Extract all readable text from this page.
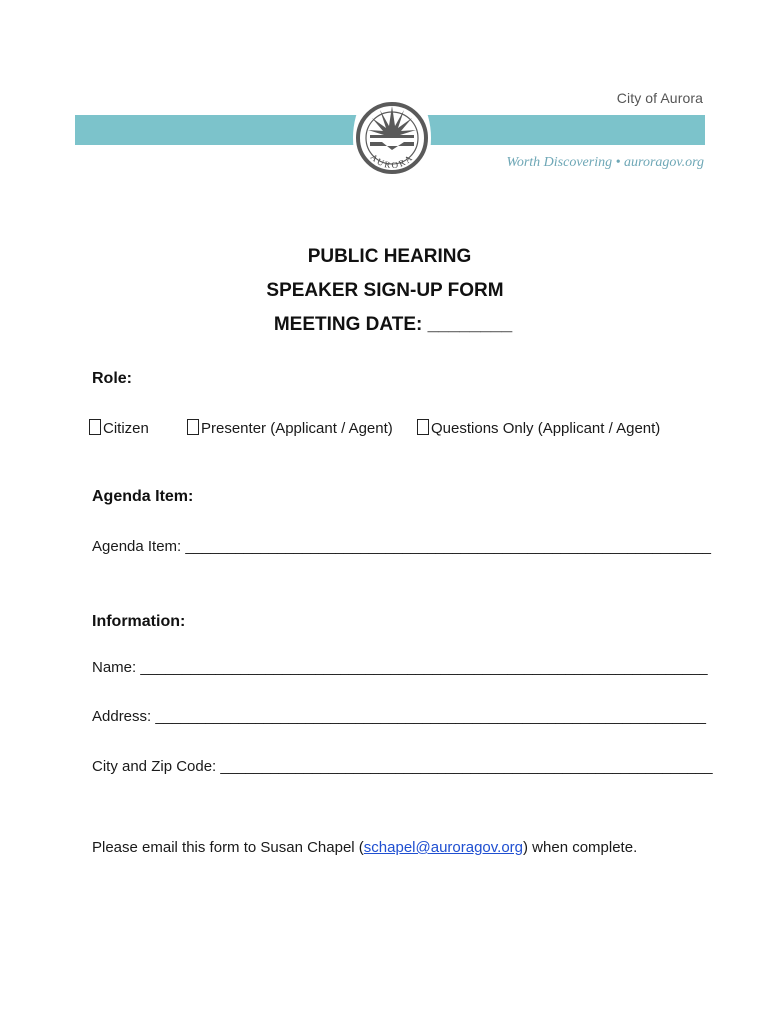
City of Aurora
Worth Discovering • auroragov.org
AURORA
PUBLIC HEARING
SPEAKER SIGN-UP FORM
MEETING DATE: ________
Role:
Citizen	Presenter (Applicant / Agent)	Questions Only (Applicant / Agent)
Agenda Item:
Agenda Item: _______________________________________________________________
Information:
Name: ____________________________________________________________________
Address: __________________________________________________________________
City and Zip Code: ___________________________________________________________
Please email this form to Susan Chapel (schapel@auroragov.org) when complete.
